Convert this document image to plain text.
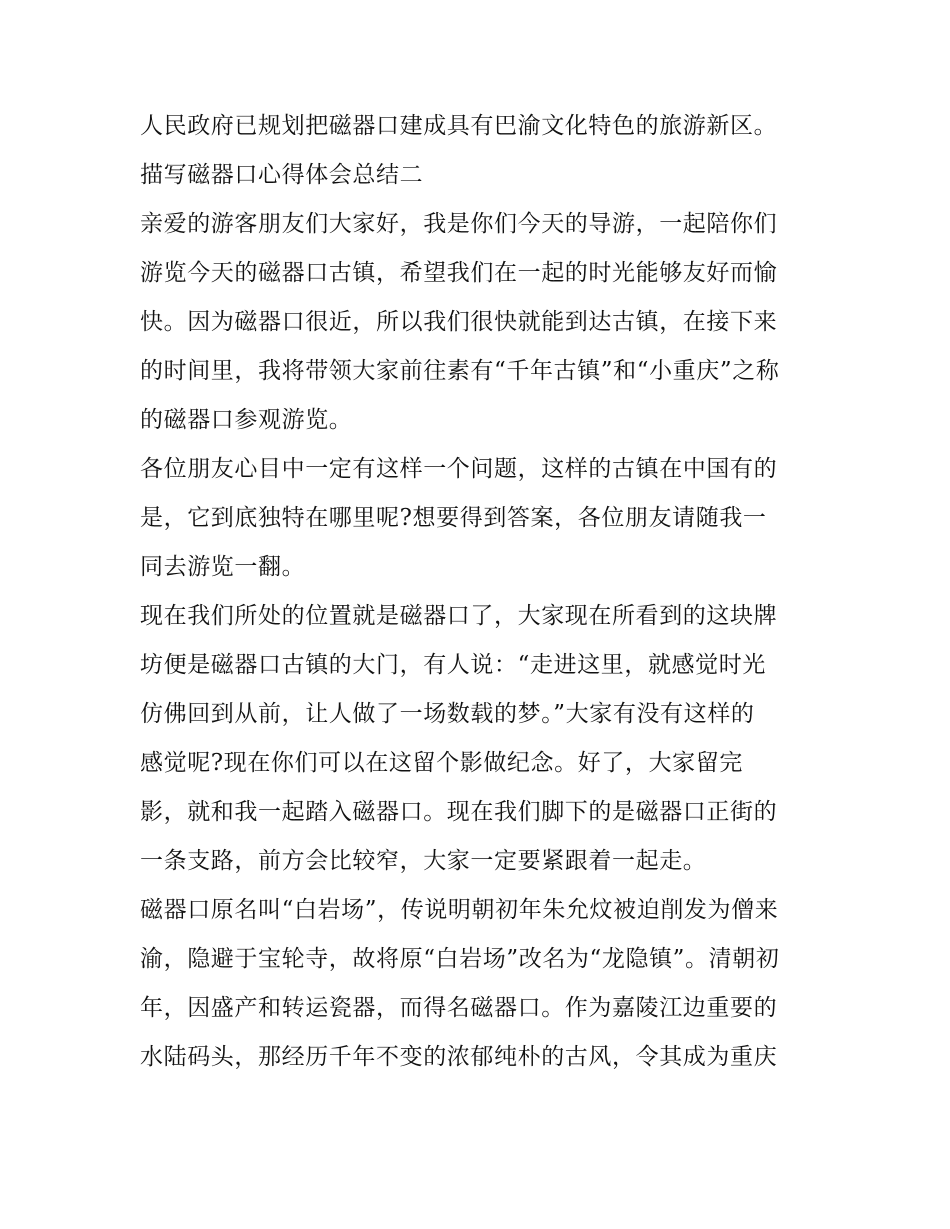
人民政府已规划把磁器口建成具有巴渝文化特色的旅游新区。
描写磁器口心得体会总结二
亲爱的游客朋友们大家好，我是你们今天的导游，一起陪你们
游览今天的磁器口古镇，希望我们在一起的时光能够友好而愉
快。因为磁器口很近，所以我们很快就能到达古镇，在接下来
的时间里，我将带领大家前往素有“千年古镇”和“小重庆”之称
的磁器口参观游览。
各位朋友心目中一定有这样一个问题，这样的古镇在中国有的
是，它到底独特在哪里呢?想要得到答案，各位朋友请随我一
同去游览一翻。
现在我们所处的位置就是磁器口了，大家现在所看到的这块牌
坊便是磁器口古镇的大门，有人说：“走进这里，就感觉时光
仿佛回到从前，让人做了一场数载的梦。”大家有没有这样的
感觉呢?现在你们可以在这留个影做纪念。好了，大家留完
影，就和我一起踏入磁器口。现在我们脚下的是磁器口正街的
一条支路，前方会比较窄，大家一定要紧跟着一起走。
磁器口原名叫“白岩场”，传说明朝初年朱允炆被迫削发为僧来
渝，隐避于宝轮寺，故将原“白岩场”改名为“龙隐镇”。清朝初
年，因盛产和转运瓷器，而得名磁器口。作为嘉陵江边重要的
水陆码头，那经历千年不变的浓郁纯朴的古风，令其成为重庆
